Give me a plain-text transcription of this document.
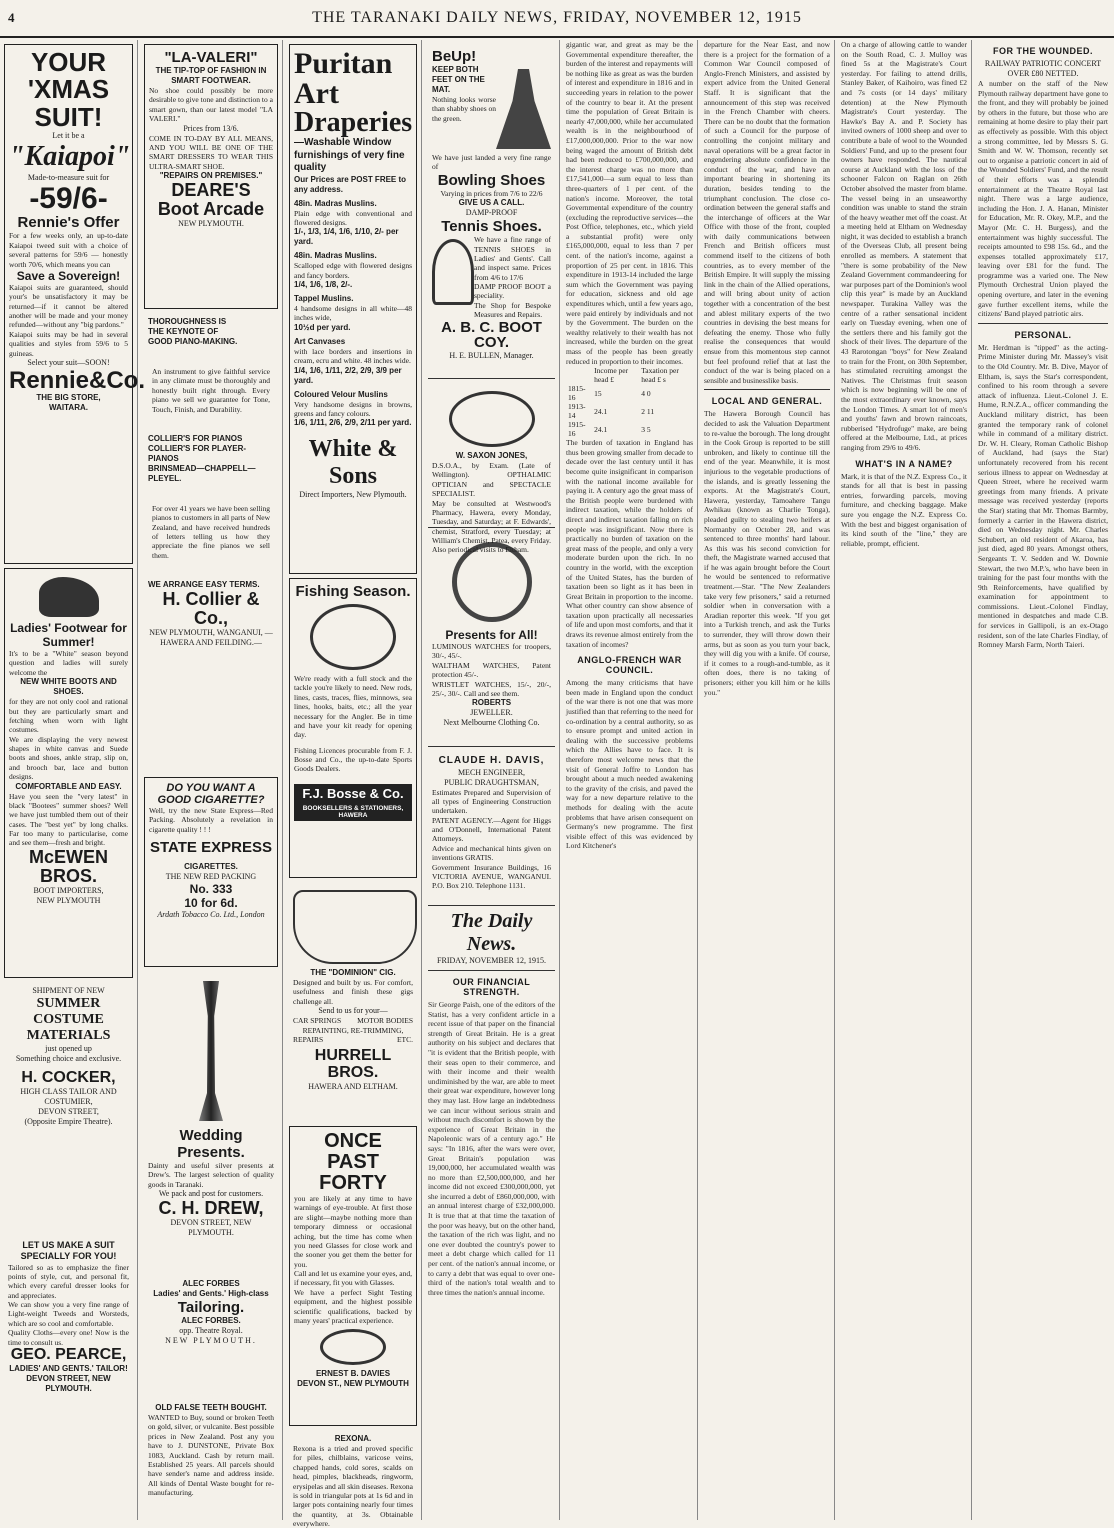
4	THE TARANAKI DAILY NEWS, FRIDAY, NOVEMBER 12, 1915
YOUR
'XMAS
SUIT!
Let it be a
"Kaiapoi"
Made-to-measure suit for
-59/6-
Rennie's Offer
For a few weeks only, an up-to-date Kaiapoi tweed suit with a choice of several patterns for 59/6 — honestly worth 70/6, which means you can
Save a Sovereign!
Kaiapoi suits are guaranteed, should your's be unsatisfactory it may be returned—if it cannot be altered another will be made and your money refunded—without any "big pardons."
Kaiapoi suits may be had in several qualities and styles from 59/6 to 5 guineas.
Select your suit—SOON!
Rennie&Co.
THE BIG STORE,
WAITARA.
Ladies' Footwear for Summer!
It's to be a "White" season beyond question and ladies will surely welcome the
NEW WHITE BOOTS AND SHOES.
for they are not only cool and rational but they are particularly smart and fetching when worn with light costumes.
We are displaying the very newest shapes in white canvas and Suede boots and shoes, ankle strap, slip on, and brooch bar, lace and button designs.
COMFORTABLE AND EASY.
Have you seen the "very latest" in black "Bootees" summer shoes? Well we have just tumbled them out of their cases. The "best yet" by long chalks. Far too many to particularise, come and see them—fresh and bright.
McEWEN BROS.
BOOT IMPORTERS,
NEW PLYMOUTH
SHIPMENT OF NEW
SUMMER
COSTUME
MATERIALS
just opened up
Something choice and exclusive.
H. COCKER,
HIGH CLASS TAILOR AND COSTUMIER,
DEVON STREET,
(Opposite Empire Theatre).
LET US MAKE A SUIT SPECIALLY FOR YOU!
Tailored so as to emphasize the finer points of style, cut, and personal fit, which every careful dresser looks for and appreciates.
We can show you a very fine range of Light-weight Tweeds and Worsteds, which are so cool and comfortable.
Quality Cloths—every one! Now is the time to consult us.
GEO. PEARCE,
LADIES' AND GENTS.' TAILOR!
DEVON STREET, NEW PLYMOUTH.
"LA-VALERI"
THE TIP-TOP OF FASHION IN SMART FOOTWEAR.
No shoe could possibly be more desirable to give tone and distinction to a smart gown, than our latest model "LA VALERI."
Prices from 13/6.
COME IN TO-DAY BY ALL MEANS, AND YOU WILL BE ONE OF THE SMART DRESSERS TO WEAR THIS ULTRA-SMART SHOE.
"REPAIRS ON PREMISES."
DEARE'S
Boot Arcade
NEW PLYMOUTH.
THOROUGHNESS IS
THE KEYNOTE OF
GOOD PIANO-MAKING.
An instrument to give faithful service in any climate must be thoroughly and honestly built right through. Every piano we sell we guarantee for Tone, Touch, Finish, and Durability.
COLLIER'S FOR PIANOS
COLLIER'S FOR PLAYER-PIANOS
BRINSMEAD—CHAPPELL—PLEYEL.
For over 41 years we have been selling pianos to customers in all parts of New Zealand, and have received hundreds of letters telling us how they appreciate the fine pianos we sell them.
WE ARRANGE EASY TERMS.
H. Collier & Co.,
NEW PLYMOUTH, WANGANUI, —HAWERA AND FEILDING.—
DO YOU WANT A GOOD CIGARETTE?
Well, try the new State Express—Red Packing. Absolutely a revelation in cigarette quality ! ! !
STATE EXPRESS
CIGARETTES.
THE NEW RED PACKING
No. 333
10 for 6d.
Ardath Tobacco Co. Ltd., London
Wedding Presents.
Dainty and useful silver presents at Drew's. The largest selection of quality goods in Taranaki.
We pack and post for customers.
C. H. DREW,
DEVON STREET, NEW PLYMOUTH.
ALEC FORBES
Ladies' and Gents.' High-class
Tailoring.
ALEC FORBES.
opp. Theatre Royal.
NEW PLYMOUTH.
OLD FALSE TEETH BOUGHT.
WANTED to Buy, sound or broken Teeth on gold, silver, or vulcanite. Best possible prices in New Zealand. Post any you have to J. DUNSTONE, Private Box 1083, Auckland. Cash by return mail. Established 25 years. All parcels should have sender's name and address inside. All kinds of Dental Waste bought for re-manufacturing.
Puritan
Art
Draperies
—Washable Window furnishings of very fine quality
Our Prices are POST FREE to any address.
48in. Madras Muslins.
Plain edge with conventional and flowered designs.
1/-, 1/3, 1/4, 1/6, 1/10, 2/- per yard.
48in. Madras Muslins.
Scalloped edge with flowered designs and fancy borders.
1/4, 1/6, 1/8, 2/-.
Tappel Muslins.
4 handsome designs in all white—48 inches wide,
10½d per yard.
Art Canvases
with lace borders and insertions in cream, ecru and white. 48 inches wide.
1/4, 1/6, 1/11, 2/2, 2/9, 3/9 per yard.
Coloured Velour Muslins
Very handsome designs in browns, greens and fancy colours.
1/6, 1/11, 2/6, 2/9, 2/11 per yard.
White & Sons
Direct Importers, New Plymouth.
Fishing Season.
We're ready with a full stock and the tackle you're likely to need. New rods, lines, casts, traces, flies, minnows, sea lines, hooks, baits, etc.; all the year necessary for the Angler. Be in time and have your kit ready for opening day.
Fishing Licences procurable from F. J. Bosse and Co., the up-to-date Sports Goods Dealers.
F.J. Bosse & Co.
BOOKSELLERS & STATIONERS, HAWERA
THE "DOMINION" CIG.
Designed and built by us. For comfort, usefulness and finish these gigs challenge all.
Send to us for your—
CAR SPRINGS MOTOR BODIES
REPAINTING, RE-TRIMMING,
REPAIRS	ETC.
HURRELL BROS.
HAWERA AND ELTHAM.
ONCE
PAST
FORTY
you are likely at any time to have warnings of eye-trouble. At first those are slight—maybe nothing more than temporary dimness or occasional aching, but the time has come when you need Glasses for close work and the sooner you get them the better for you.
Call and let us examine your eyes, and, if necessary, fit you with Glasses.
We have a perfect Sight Testing equipment, and the highest possible scientific qualifications, backed by many years' practical experience.
ERNEST B. DAVIES
DEVON ST., NEW PLYMOUTH
REXONA.
Rexona is a tried and proved specific for piles, chilblains, varicose veins, chapped hands, cold sores, scalds on head, pimples, blackheads, ringworm, erysipelas and all skin diseases. Rexona is sold in triangular pots at 1s 6d and in larger pots containing nearly four times the quantity, at 3s. Obtainable everywhere.
BeUp!
KEEP BOTH FEET ON THE MAT.
Nothing looks worse than shabby shoes on the green.
We have just landed a very fine range of
Bowling Shoes
Varying in prices from 7/6 to 22/6
GIVE US A CALL.
DAMP-PROOF
Tennis Shoes.
We have a fine range of TENNIS SHOES in Ladies' and Gents'. Call and inspect same. Prices from 4/6 to 17/6
DAMP PROOF BOOT a speciality.
The Shop for Bespoke Measures and Repairs.
A. B. C. BOOT COY.
H. E. BULLEN, Manager.
W. SAXON JONES,
D.S.O.A., by Exam. (Late of Wellington). OPTHALMIC OPTICIAN and SPECTACLE SPECIALIST.
May be consulted at Westwood's Pharmacy, Hawera, every Monday, Tuesday, and Saturday; at F. Edwards', chemist, Stratford, every Tuesday; at William's Chemist, Patea, every Friday. Also periodical visits to Eltham.
Presents for All!
LUMINOUS WATCHES for troopers, 30/-, 45/-.
WALTHAM WATCHES, Patent protection 45/-.
WRISTLET WATCHES, 15/-, 20/-, 25/-, 30/-. Call and see them.
ROBERTS
JEWELLER.
Next Melbourne Clothing Co.
CLAUDE H. DAVIS,
MECH ENGINEER,
PUBLIC DRAUGHTSMAN,
Estimates Prepared and Supervision of all types of Engineering Construction undertaken.
PATENT AGENCY.—Agent for Higgs and O'Donnell, International Patent Attorneys.
Advice and mechanical hints given on inventions GRATIS.
Government Insurance Buildings, 16 VICTORIA AVENUE, WANGANUI. P.O. Box 210. Telephone 1131.
The Daily News.
FRIDAY, NOVEMBER 12, 1915.
OUR FINANCIAL STRENGTH.
Sir George Paish, one of the editors of the Statist, has a very confident article in a recent issue of that paper on the financial strength of Great Britain. He is a great authority on his subject and declares that "it is evident that the British people, with their seas open to their commerce, and with their income and their wealth undiminished by the war, are able to meet their great war expenditure, however long they may last. How large an indebtedness we can incur without serious strain and without much discomfort is shown by the experience of Great Britain in the Napoleonic wars of a century ago." He says: "In 1816, after the wars were over, Great Britain's population was 19,000,000, her accumulated wealth was no more than £2,500,000,000, and her income did not exceed £300,000,000, yet she incurred a debt of £860,000,000, with an annual interest charge of £32,000,000. It is true that at that time the taxation of the poor was heavy, but on the other hand, the taxation of the rich was light, and no one ever doubted the country's power to meet a debt charge which called for 11 per cent. of the nation's annual income, or to carry a debt that was equal to over one-third of the nation's total wealth and to three times the nation's annual income.
gigantic war, and great as may be the Governmental expenditure thereafter, the burden of the interest and repayments will be nothing like as great as was the burden of interest and expenditure in 1816 and in succeeding years in relation to the power of the country to bear it. At the present time the population of Great Britain is nearly 47,000,000, while her accumulated wealth is in the neighbourhood of £17,000,000,000. Prior to the war now being waged the amount of British debt had been reduced to £700,000,000, and the interest charge was no more than £17,541,000—a sum equal to less than three-quarters of 1 per cent. of the nation's income. Moreover, the total Governmental expenditure of the country (excluding the reproductive services—the Post Office, telephones, etc., which yield a substantial profit) were only £165,000,000, equal to less than 7 per cent. of the nation's income, against a proportion of 25 per cent. in 1816. This expenditure in 1913-14 included the large sum which the Government was paying for education, sickness and old age expenditures which, until a few years ago, were paid entirely by individuals and not by the Government. The burden on the wealthy relatively to their wealth has not increased, while the burden on the great mass of the people has been greatly reduced in proportion to their incomes.
	Income per head £	Taxation per head £ s
1815-16	15	4 0
1913-14	24.1	2 11
1915-16	24.1	3 5
The burden of taxation in England has thus been growing smaller from decade to decade over the last century until it has become quite insignificant in comparison with the national income available for paying it. A century ago the great mass of the British people were burdened with indirect taxation, while the holders of direct and indirect taxation falling on rich people was insignificant. Now there is practically no burden of taxation on the great mass of the people, and only a very moderate burden upon the rich. In no country in the world, with the exception of the United States, has the burden of taxation been so light as it has been in Great Britain in proportion to the income. What other country can show absence of taxation upon practically all necessaries of life and upon most comforts, and that it draws its revenue almost entirely from the taxation of incomes?
ANGLO-FRENCH WAR COUNCIL.
Among the many criticisms that have been made in England upon the conduct of the war there is not one that was more justified than that referring to the need for co-ordination by a central authority, so as to ensure prompt and united action in dealing with the successive problems which the Allies have to face. It is therefore most welcome news that the visit of General Joffre to London has brought about a much needed awakening to the gravity of the crisis, and paved the way for a new departure relative to the methods for dealing with the acute problems that have arisen consequent on Germany's new programme. The first visible effect of this was evidenced by Lord Kitchener's
departure for the Near East, and now there is a project for the formation of a Common War Council composed of Anglo-French Ministers, and assisted by expert advice from the United General Staff. It is significant that the announcement of this step was received in the French Chamber with cheers. There can be no doubt that the formation of such a Council for the purpose of controlling the conjoint military and naval operations will be a great factor in engendering absolute confidence in the conduct of the war, and have an important bearing in shortening its duration, besides tending to the triumphant conclusion. The close co-ordination between the general staffs and the interchange of officers at the War Office with those of the front, coupled with daily communications between French and British officers must commend itself to the citizens of both countries, as to every member of the British Empire. It will supply the missing link in the chain of the Allied operations, and will bring about unity of action together with a concentration of the best and ablest military experts of the two countries in devising the best means for defeating the enemy. Those who fully realise the consequences that would ensue from this momentous step cannot but feel profound relief that at last the conduct of the war is being placed on a sensible and businesslike basis.
LOCAL AND GENERAL.
The Hawera Borough Council has decided to ask the Valuation Department to re-value the borough. The long drought in the Cook Group is reported to be still unbroken, and likely to continue till the end of the year. Meanwhile, it is most injurious to the vegetable productions of the islands, and is greatly lessening the exports. At the Magistrate's Court, Hawera, yesterday, Tamoahere Tangu Awhikau (known as Charlie Tonga), pleaded guilty to stealing two heifers at Normanby on October 28, and was sentenced to three months' hard labour. As this was his second conviction for theft, the Magistrate warned accused that if he was again brought before the Court he would be sentenced to reformative treatment.—Star. "The New Zealanders take very few prisoners," said a returned soldier when in conversation with a Aradian reporter this week. "If you get into a Turkish trench, and ask the Turks to surrender, they will throw down their arms, but as soon as you turn your back, they will dig you with a knife. Of course, if it comes to a rough-and-tumble, as it often does, there is no taking of prisoners; either you kill him or he kills you."
On a charge of allowing cattle to wander on the South Road, C. J. Mulloy was fined 5s at the Magistrate's Court yesterday. For failing to attend drills, Stanley Baker, of Kaihoiro, was fined £2 and 7s costs (or 14 days' military detention) at the New Plymouth Magistrate's Court yesterday. The Hawke's Bay A. and P. Society has invited owners of 1000 sheep and over to contribute a bale of wool to the Wounded Soldiers' Fund, and up to the present four owners have responded. The nautical course at Auckland with the loss of the schooner Falcon on Raglan on 26th October absolved the master from blame. The vessel being in an unseaworthy condition was unable to stand the strain of the heavy weather met off the coast. At a meeting held at Eltham on Wednesday night, it was decided to establish a branch of the Overseas Club, all present being enrolled as members. A statement that "there is some probability of the New Zealand Government commandeering for war purposes part of the Dominion's wool clip this year" is made by an Auckland newspaper. Turakina Valley was the centre of a rather sensational incident early on Tuesday evening, when one of the settlers there and his family got the shock of their lives. The departure of the 43 Rarotongan "boys" for New Zealand to train for the Front, on 30th September, has stimulated recruiting amongst the Natives. The Christmas fruit season which is now beginning will be one of the most extraordinary ever known, says the London Times. A smart lot of men's and youths' fawn and brown raincoats, rubberised "Hydrofuge" make, are being offered at the Melbourne, Ltd., at prices ranging from 29/6 to 49/6.
WHAT'S IN A NAME?
Mark, it is that of the N.Z. Express Co., it stands for all that is best in passing entries, forwarding parcels, moving furniture, and checking baggage. Make sure you engage the N.Z. Express Co. With the best and biggest organisation of its kind south of the "line," they are reliable, prompt, efficient.
FOR THE WOUNDED.
RAILWAY PATRIOTIC CONCERT
OVER £80 NETTED.
A number on the staff of the New Plymouth railway department have gone to the front, and they will probably be joined by others in the future, but those who are remaining at home desire to play their part as effectively as possible. With this object a strong committee, led by Messrs S. G. Smith and W. W. Thomson, recently set out to organise a patriotic concert in aid of the Wounded Soldiers' Fund, and the result of their efforts was a splendid entertainment at the Theatre Royal last night. There was a large audience, including the Hon. J. A. Hanan, Minister for Education, Mr. R. Okey, M.P., and the Mayor (Mr. C. H. Burgess), and the entertainment was highly successful. The receipts amounted to £98 15s. 6d., and the expenses totalled approximately £17, leaving over £81 for the fund. The programme was a varied one. The New Plymouth Orchestral Union played the opening overture, and later in the evening gave further excellent items, while the citizens' Band played patriotic airs.
PERSONAL.
Mr. Herdman is "tipped" as the acting-Prime Minister during Mr. Massey's visit to the Old Country. Mr. B. Dive, Mayor of Eltham, is, says the Star's correspondent, confined to his room through a severe attack of influenza. Lieut.-Colonel J. E. Hume, R.N.Z.A., officer commanding the Auckland military district, has been granted the temporary rank of colonel while in command of a military district. Dr. W. H. Cleary, Roman Catholic Bishop of Auckland, had (says the Star) unfortunately recovered from his recent serious illness to appear on Wednesday at Queen Street, where he received warm greetings from many friends. A private message was received yesterday (reports the Star) stating that Mr. Thomas Barmby, formerly a carrier in the Hawera district, died on Wednesday night. Mr. Charles Schubert, an old resident of Akaroa, has just died, aged 80 years. Amongst others, Sergeants T. V. Sedden and W. Downie Stewart, the two M.P.'s, who have been in training for the past four months with the 9th Reinforcements, have qualified by examination for appointment to commissions. Lieut.-Colonel Findlay, mentioned in despatches and made C.B. for services in Gallipoli, is an ex-Otago resident, son of the late Charles Findlay, of Romney Marsh Farm, North Taieri.
